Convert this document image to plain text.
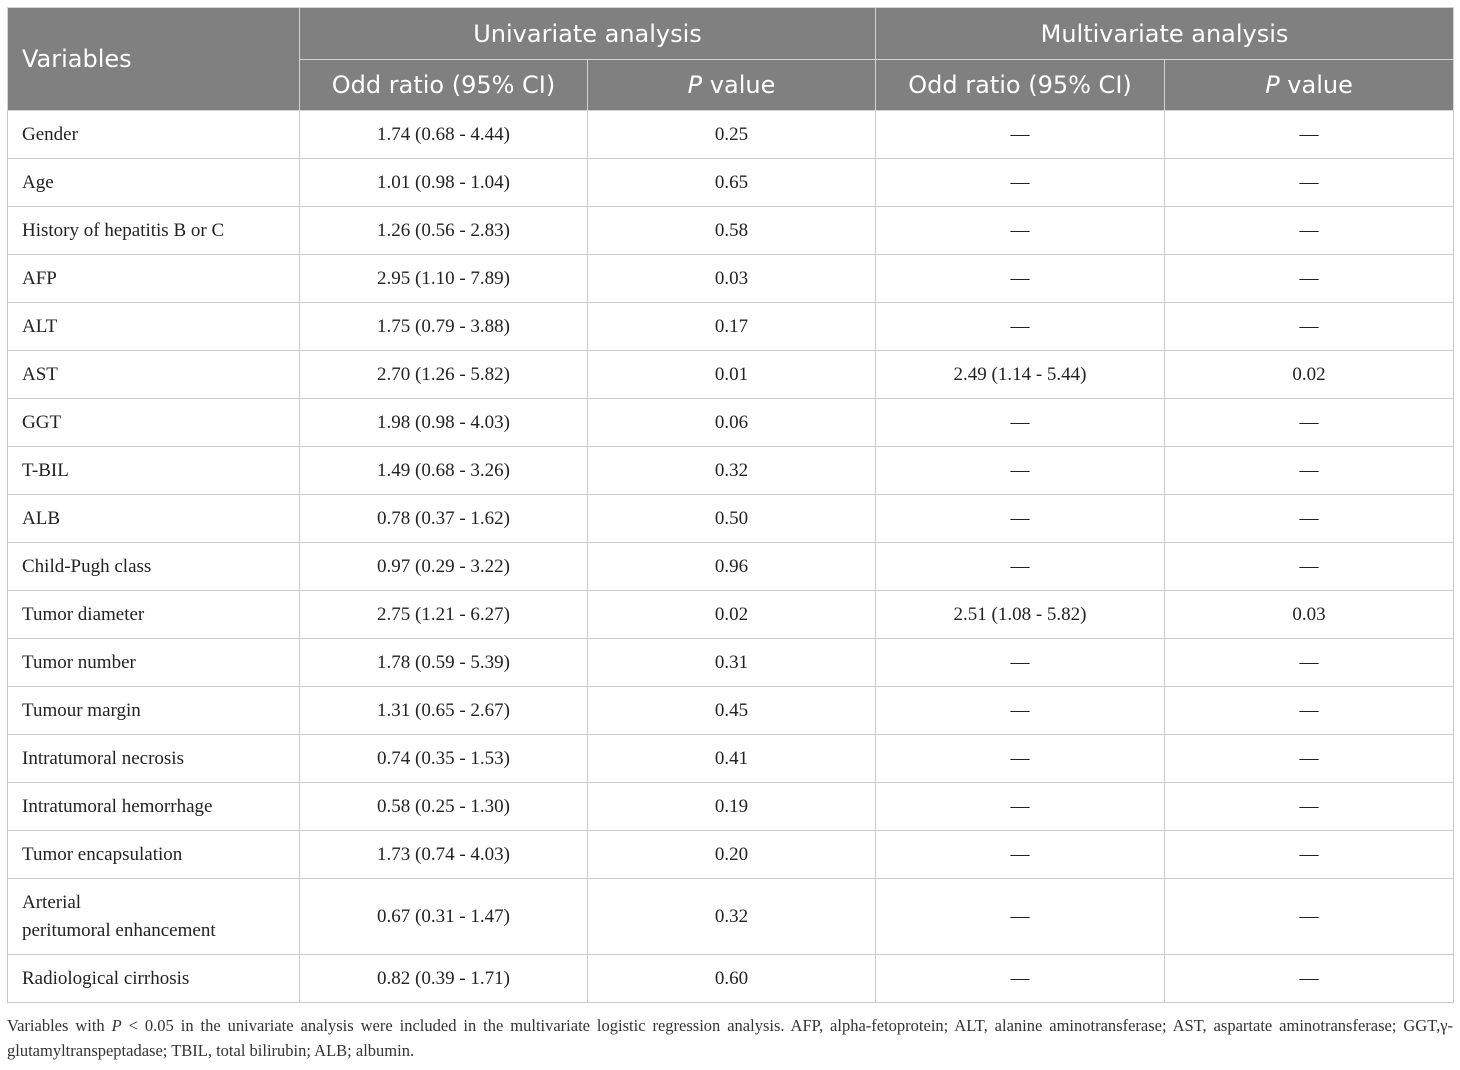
Variables	Univariate analysis		Multivariate analysis	
	Odd ratio (95% CI)	P value	Odd ratio (95% CI)	P value
Gender	1.74 (0.68 - 4.44)	0.25	—	—
Age	1.01 (0.98 - 1.04)	0.65	—	—
History of hepatitis B or C	1.26 (0.56 - 2.83)	0.58	—	—
AFP	2.95 (1.10 - 7.89)	0.03	—	—
ALT	1.75 (0.79 - 3.88)	0.17	—	—
AST	2.70 (1.26 - 5.82)	0.01	2.49 (1.14 - 5.44)	0.02
GGT	1.98 (0.98 - 4.03)	0.06	—	—
T-BIL	1.49 (0.68 - 3.26)	0.32	—	—
ALB	0.78 (0.37 - 1.62)	0.50	—	—
Child-Pugh class	0.97 (0.29 - 3.22)	0.96	—	—
Tumor diameter	2.75 (1.21 - 6.27)	0.02	2.51 (1.08 - 5.82)	0.03
Tumor number	1.78 (0.59 - 5.39)	0.31	—	—
Tumour margin	1.31 (0.65 - 2.67)	0.45	—	—
Intratumoral necrosis	0.74 (0.35 - 1.53)	0.41	—	—
Intratumoral hemorrhage	0.58 (0.25 - 1.30)	0.19	—	—
Tumor encapsulation	1.73 (0.74 - 4.03)	0.20	—	—
Arterial
peritumoral enhancement	0.67 (0.31 - 1.47)	0.32	—	—
Radiological cirrhosis	0.82 (0.39 - 1.71)	0.60	—	—

Variables with P < 0.05 in the univariate analysis were included in the multivariate logistic regression analysis. AFP, alpha-fetoprotein; ALT, alanine aminotransferase; AST, aspartate aminotransferase; GGT,γ-glutamyltranspeptadase; TBIL, total bilirubin; ALB; albumin.
